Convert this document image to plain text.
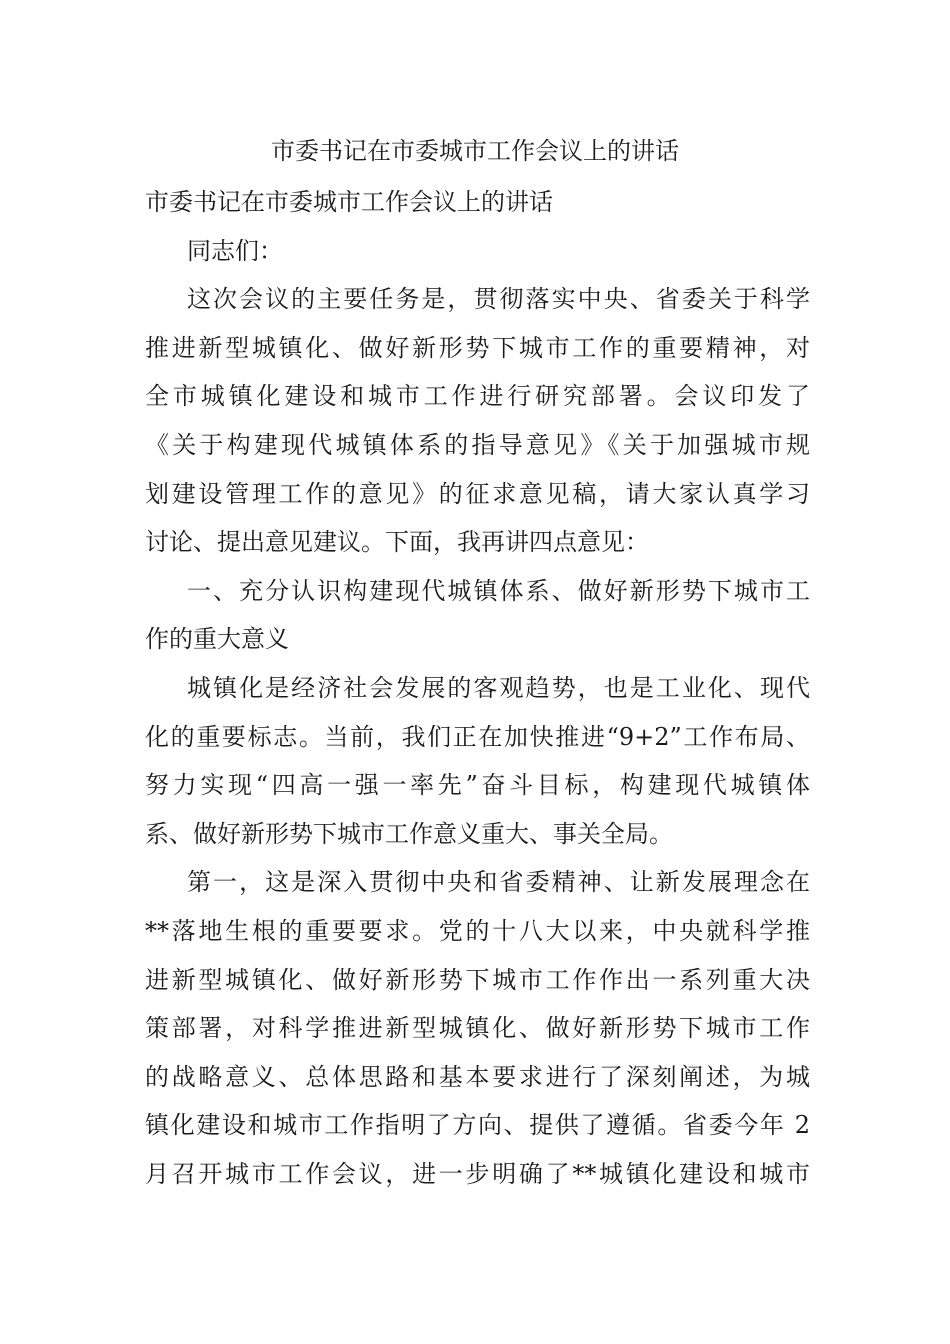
市委书记在市委城市工作会议上的讲话

市委书记在市委城市工作会议上的讲话

同志们：

这次会议的主要任务是，贯彻落实中央、省委关于科学

推进新型城镇化、做好新形势下城市工作的重要精神，对

全市城镇化建设和城市工作进行研究部署。会议印发了

《关于构建现代城镇体系的指导意见》《关于加强城市规

划建设管理工作的意见》的征求意见稿，请大家认真学习

讨论、提出意见建议。下面，我再讲四点意见：

一、充分认识构建现代城镇体系、做好新形势下城市工

作的重大意义

城镇化是经济社会发展的客观趋势，也是工业化、现代

化的重要标志。当前，我们正在加快推进“9+2”工作布局、

努力实现“四高一强一率先”奋斗目标，构建现代城镇体

系、做好新形势下城市工作意义重大、事关全局。

第一，这是深入贯彻中央和省委精神、让新发展理念在

**落地生根的重要要求。党的十八大以来，中央就科学推

进新型城镇化、做好新形势下城市工作作出一系列重大决

策部署，对科学推进新型城镇化、做好新形势下城市工作

的战略意义、总体思路和基本要求进行了深刻阐述，为城

镇化建设和城市工作指明了方向、提供了遵循。省委今年 2

月召开城市工作会议，进一步明确了**城镇化建设和城市
